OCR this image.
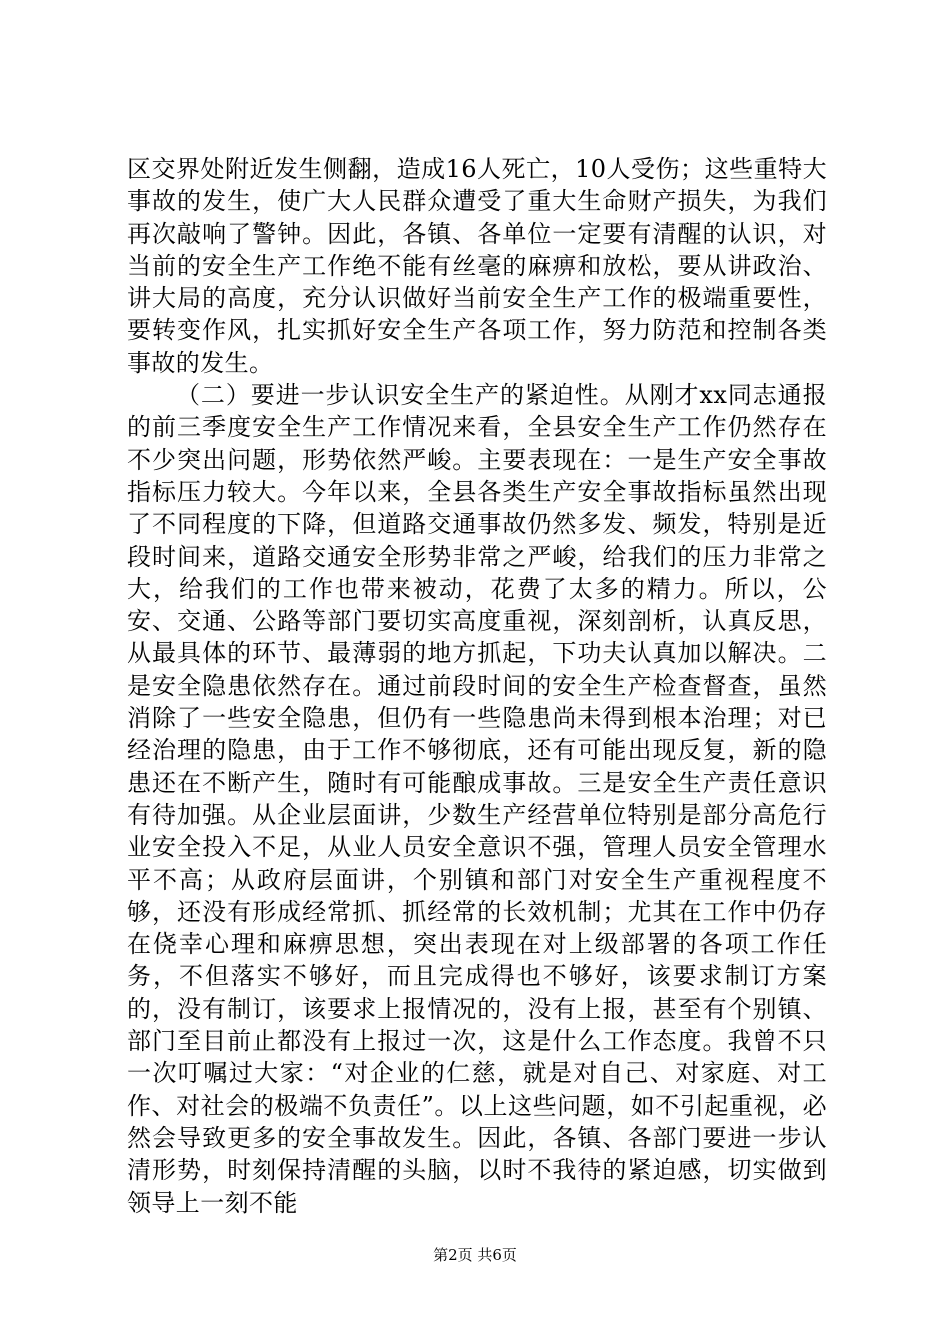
区交界处附近发生侧翻，造成16人死亡，10人受伤；这些重特大事故的发生，使广大人民群众遭受了重大生命财产损失，为我们再次敲响了警钟。因此，各镇、各单位一定要有清醒的认识，对当前的安全生产工作绝不能有丝毫的麻痹和放松，要从讲政治、讲大局的高度，充分认识做好当前安全生产工作的极端重要性，要转变作风，扎实抓好安全生产各项工作，努力防范和控制各类事故的发生。

（二）要进一步认识安全生产的紧迫性。从刚才xx同志通报的前三季度安全生产工作情况来看，全县安全生产工作仍然存在不少突出问题，形势依然严峻。主要表现在：一是生产安全事故指标压力较大。今年以来，全县各类生产安全事故指标虽然出现了不同程度的下降，但道路交通事故仍然多发、频发，特别是近段时间来，道路交通安全形势非常之严峻，给我们的压力非常之大，给我们的工作也带来被动，花费了太多的精力。所以，公安、交通、公路等部门要切实高度重视，深刻剖析，认真反思，从最具体的环节、最薄弱的地方抓起，下功夫认真加以解决。二是安全隐患依然存在。通过前段时间的安全生产检查督查，虽然消除了一些安全隐患，但仍有一些隐患尚未得到根本治理；对已经治理的隐患，由于工作不够彻底，还有可能出现反复，新的隐患还在不断产生，随时有可能酿成事故。三是安全生产责任意识有待加强。从企业层面讲，少数生产经营单位特别是部分高危行业安全投入不足，从业人员安全意识不强，管理人员安全管理水平不高；从政府层面讲，个别镇和部门对安全生产重视程度不够，还没有形成经常抓、抓经常的长效机制；尤其在工作中仍存在侥幸心理和麻痹思想，突出表现在对上级部署的各项工作任务，不但落实不够好，而且完成得也不够好，该要求制订方案的，没有制订，该要求上报情况的，没有上报，甚至有个别镇、部门至目前止都没有上报过一次，这是什么工作态度。我曾不只一次叮嘱过大家：“对企业的仁慈，就是对自己、对家庭、对工作、对社会的极端不负责任”。以上这些问题，如不引起重视，必然会导致更多的安全事故发生。因此，各镇、各部门要进一步认清形势，时刻保持清醒的头脑，以时不我待的紧迫感，切实做到领导上一刻不能

第2页 共6页
